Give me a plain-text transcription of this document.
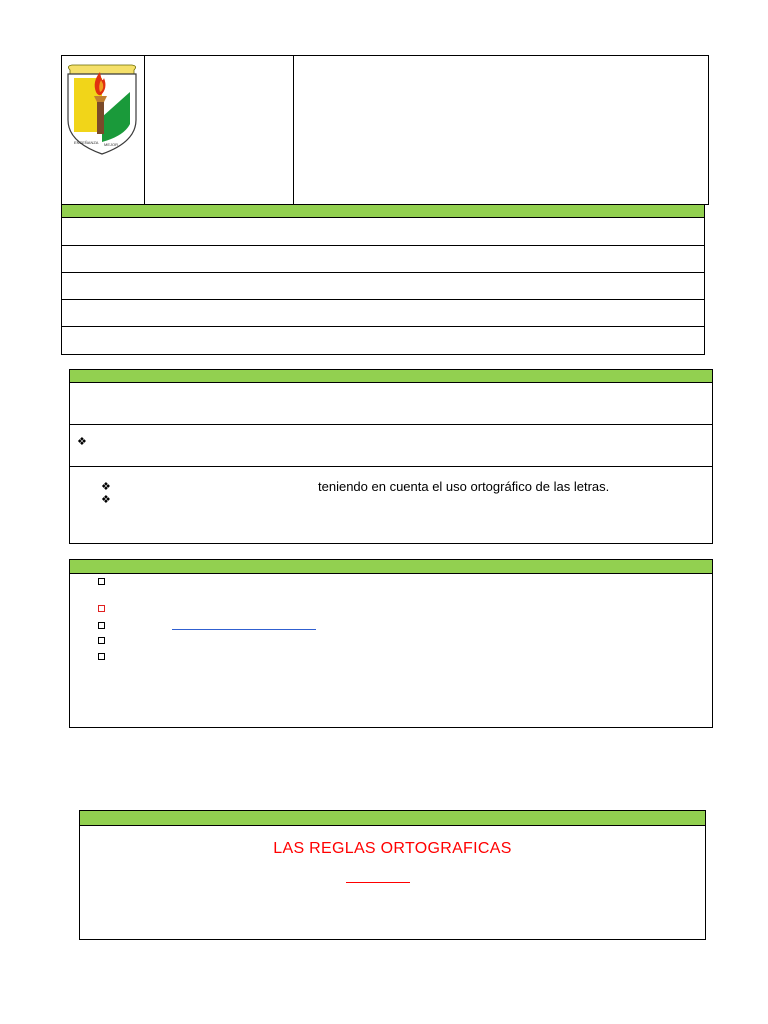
ENSEÑANZA MEJOR
❖
❖
❖
teniendo en cuenta el uso ortográfico de las letras.
LAS REGLAS ORTOGRAFICAS
